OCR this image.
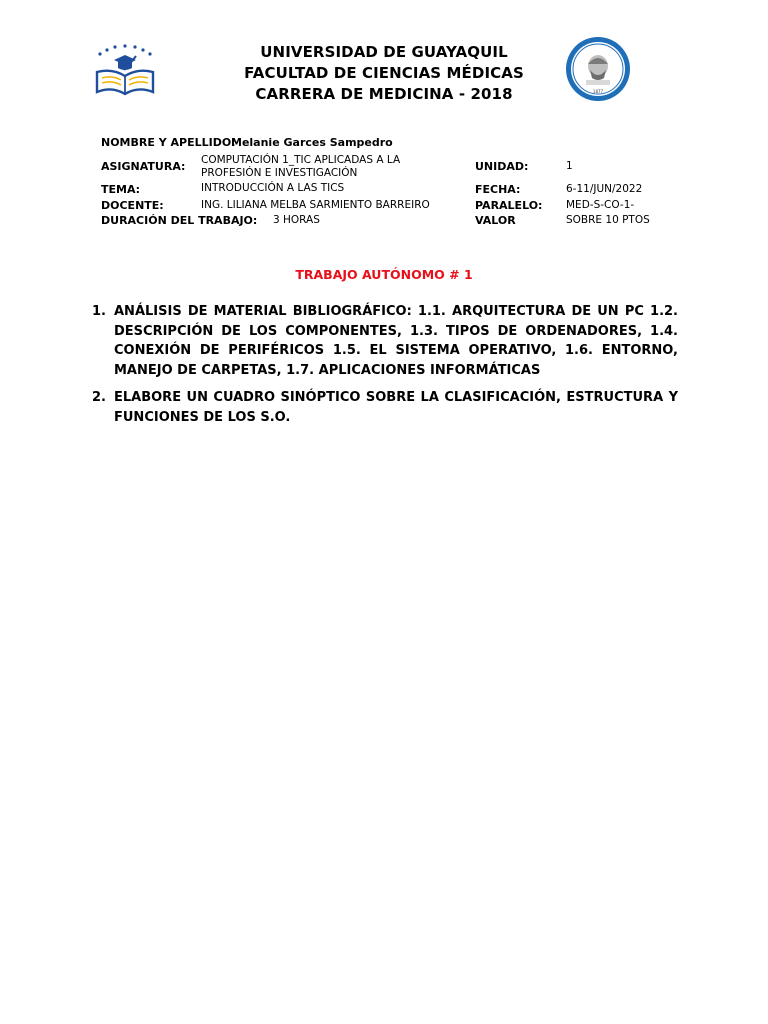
UNIVERSIDAD DE GUAYAQUIL
FACULTAD DE CIENCIAS MÉDICAS
CARRERA DE MEDICINA - 2018	1877
NOMBRE Y APELLIDO:
Melanie Garces Sampedro
ASIGNATURA: COMPUTACIÓN 1_TIC APLICADAS A LA
PROFESIÓN E INVESTIGACIÓN	UNIDAD:	1
TEMA:	INTRODUCCIÓN A LAS TICS	FECHA:	6-11/JUN/2022
DOCENTE:	ING. LILIANA MELBA SARMIENTO BARREIRO	PARALELO: MED-S-CO-1-
DURACIÓN DEL TRABAJO: 3 HORAS	VALOR	SOBRE 10 PTOS
TRABAJO AUTÓNOMO # 1
1. ANÁLISIS DE MATERIAL BIBLIOGRÁFICO: 1.1. ARQUITECTURA DE UN PC 1.2. DESCRIPCIÓN DE LOS COMPONENTES, 1.3. TIPOS DE ORDENADORES, 1.4. CONEXIÓN DE PERIFÉRICOS 1.5. EL SISTEMA OPERATIVO, 1.6. ENTORNO, MANEJO DE CARPETAS, 1.7. APLICACIONES INFORMÁTICAS
2. ELABORE UN CUADRO SINÓPTICO SOBRE LA CLASIFICACIÓN, ESTRUCTURA Y FUNCIONES DE LOS S.O.
